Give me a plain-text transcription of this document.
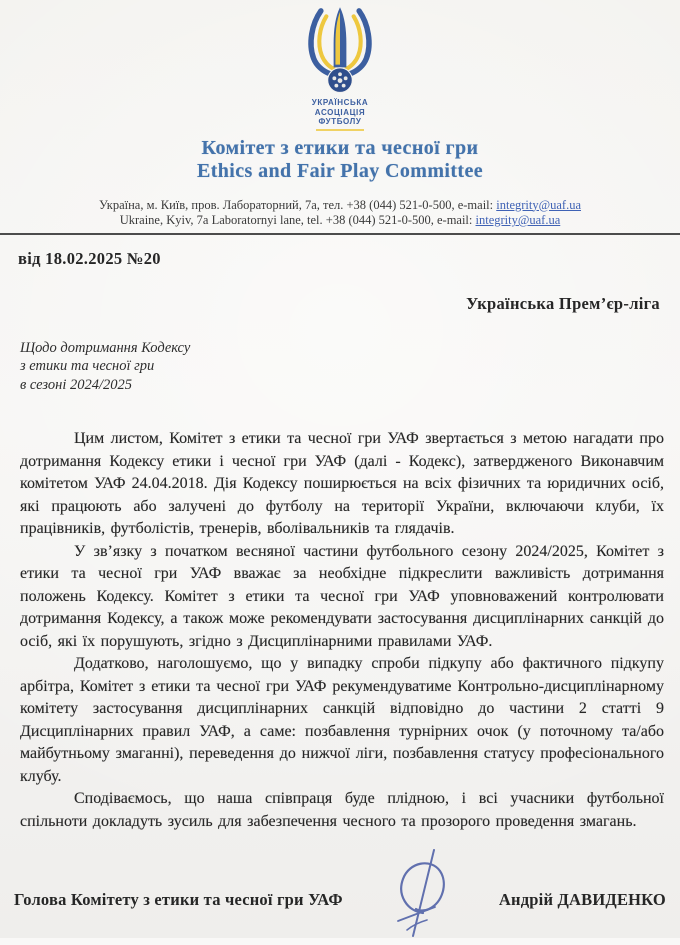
УКРАЇНСЬКА
АСОЦІАЦІЯ
ФУТБОЛУ
Комітет з етики та чесної гри
Ethics and Fair Play Committee
Україна, м. Київ, пров. Лабораторний, 7а, тел. +38 (044) 521-0-500, e-mail: integrity@uaf.ua
Ukraine, Kyiv, 7a Laboratornyi lane, tel. +38 (044) 521-0-500, e-mail: integrity@uaf.ua
від 18.02.2025 №20
Українська Прем’єр-ліга
Щодо дотримання Кодексу
з етики та чесної гри
в сезоні 2024/2025

Цим листом, Комітет з етики та чесної гри УАФ звертається з метою нагадати про дотримання Кодексу етики і чесної гри УАФ (далі - Кодекс), затвердженого Виконавчим комітетом УАФ 24.04.2018. Дія Кодексу поширюється на всіх фізичних та юридичних осіб, які працюють або залучені до футболу на території України, включаючи клуби, їх працівників, футболістів, тренерів, вболівальників та глядачів.

У зв’язку з початком весняної частини футбольного сезону 2024/2025, Комітет з етики та чесної гри УАФ вважає за необхідне підкреслити важливість дотримання положень Кодексу. Комітет з етики та чесної гри УАФ уповноважений контролювати дотримання Кодексу, а також може рекомендувати застосування дисциплінарних санкцій до осіб, які їх порушують, згідно з Дисциплінарними правилами УАФ.

Додатково, наголошуємо, що у випадку спроби підкупу або фактичного підкупу арбітра, Комітет з етики та чесної гри УАФ рекумендуватиме Контрольно-дисциплінарному комітету застосування дисциплінарних санкцій відповідно до частини 2 статті 9 Дисциплінарних правил УАФ, а саме: позбавлення турнірних очок (у поточному та/або майбутньому змаганні), переведення до нижчої ліги, позбавлення статусу професіонального клубу.

Сподіваємось, що наша співпраця буде плідною, і всі учасники футбольної спільноти докладуть зусиль для забезпечення чесного та прозорого проведення змагань.

Голова Комітету з етики та чесної гри УАФ	Андрій ДАВИДЕНКО
